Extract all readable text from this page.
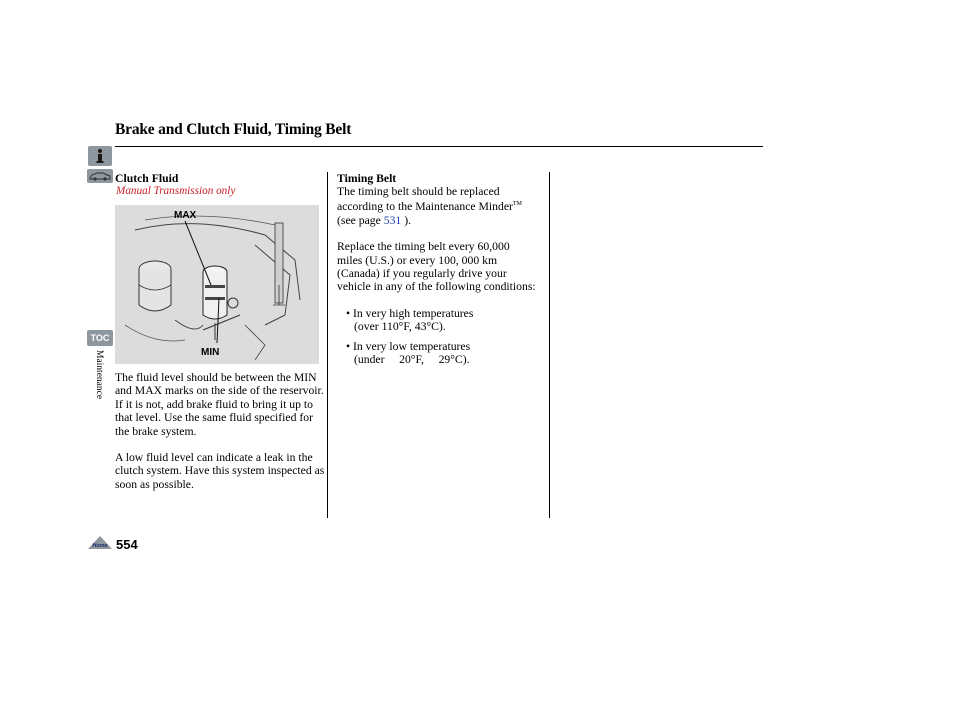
Brake and Clutch Fluid, Timing Belt
TOC
Maintenance
Clutch Fluid
Manual Transmission only
MAX
MIN

The fluid level should be between the MIN and MAX marks on the side of the reservoir. If it is not, add brake fluid to bring it up to that level. Use the same fluid specified for the brake system.

A low fluid level can indicate a leak in the clutch system. Have this system inspected as soon as possible.

Timing Belt

The timing belt should be replaced according to the Maintenance Minder™ (see page 531 ).

Replace the timing belt every 60,000 miles (U.S.) or every 100, 000 km (Canada) if you regularly drive your vehicle in any of the following conditions:

• In very high temperatures
(over 110°F, 43°C).

• In very low temperatures
(under     20°F,     29°C).

Home 554
